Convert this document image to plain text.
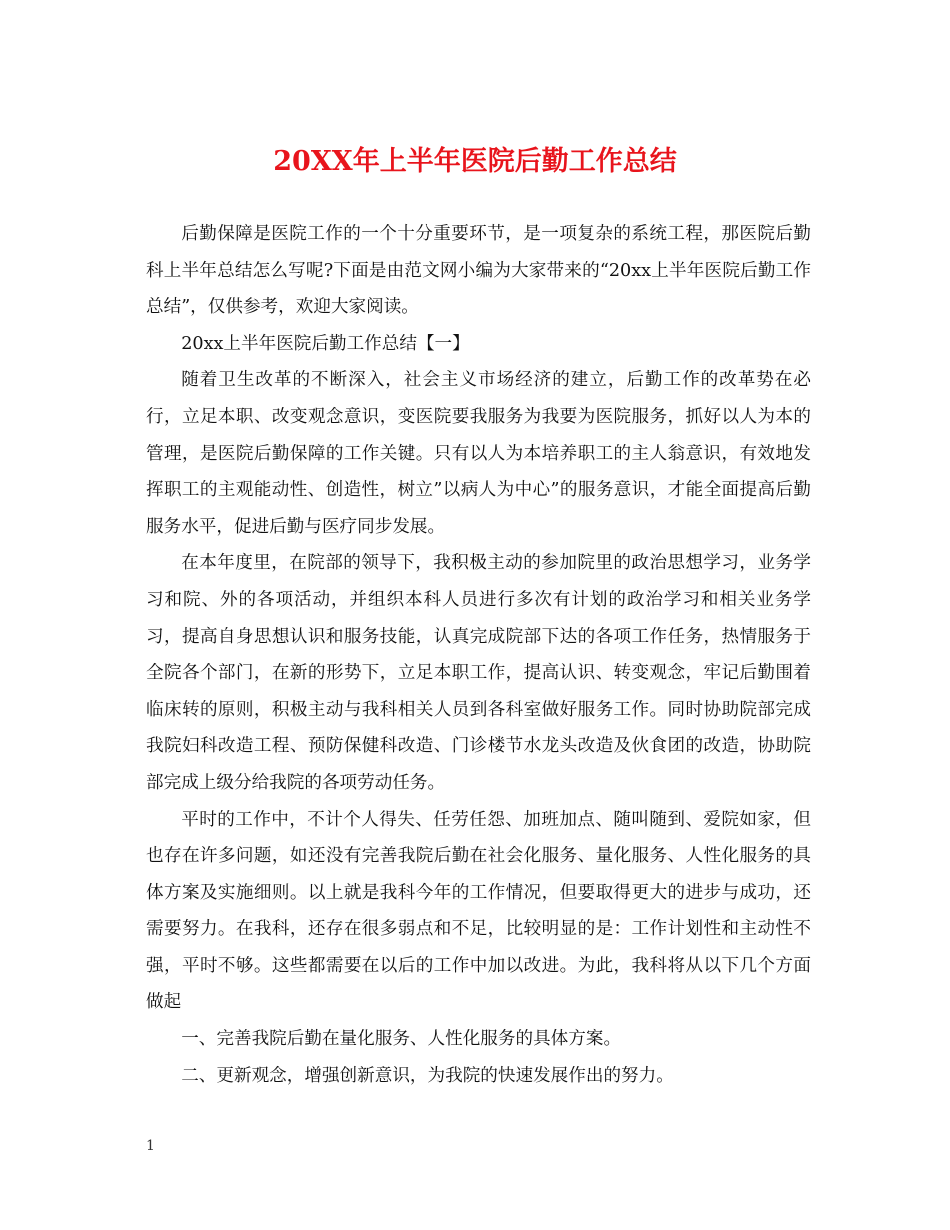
20XX年上半年医院后勤工作总结

后勤保障是医院工作的一个十分重要环节，是一项复杂的系统工程，那医院后勤科上半年总结怎么写呢?下面是由范文网小编为大家带来的“20xx上半年医院后勤工作总结”，仅供参考，欢迎大家阅读。

20xx上半年医院后勤工作总结【一】

随着卫生改革的不断深入，社会主义市场经济的建立，后勤工作的改革势在必行，立足本职、改变观念意识，变医院要我服务为我要为医院服务，抓好以人为本的管理，是医院后勤保障的工作关键。只有以人为本培养职工的主人翁意识，有效地发挥职工的主观能动性、创造性，树立”以病人为中心”的服务意识，才能全面提高后勤服务水平，促进后勤与医疗同步发展。

在本年度里，在院部的领导下，我积极主动的参加院里的政治思想学习，业务学习和院、外的各项活动，并组织本科人员进行多次有计划的政治学习和相关业务学习，提高自身思想认识和服务技能，认真完成院部下达的各项工作任务，热情服务于全院各个部门，在新的形势下，立足本职工作，提高认识、转变观念，牢记后勤围着临床转的原则，积极主动与我科相关人员到各科室做好服务工作。同时协助院部完成我院妇科改造工程、预防保健科改造、门诊楼节水龙头改造及伙食团的改造，协助院部完成上级分给我院的各项劳动任务。

平时的工作中，不计个人得失、任劳任怨、加班加点、随叫随到、爱院如家，但也存在许多问题，如还没有完善我院后勤在社会化服务、量化服务、人性化服务的具体方案及实施细则。以上就是我科今年的工作情况，但要取得更大的进步与成功，还需要努力。在我科，还存在很多弱点和不足，比较明显的是：工作计划性和主动性不强，平时不够。这些都需要在以后的工作中加以改进。为此，我科将从以下几个方面做起

一、完善我院后勤在量化服务、人性化服务的具体方案。

二、更新观念，增强创新意识，为我院的快速发展作出的努力。

1
